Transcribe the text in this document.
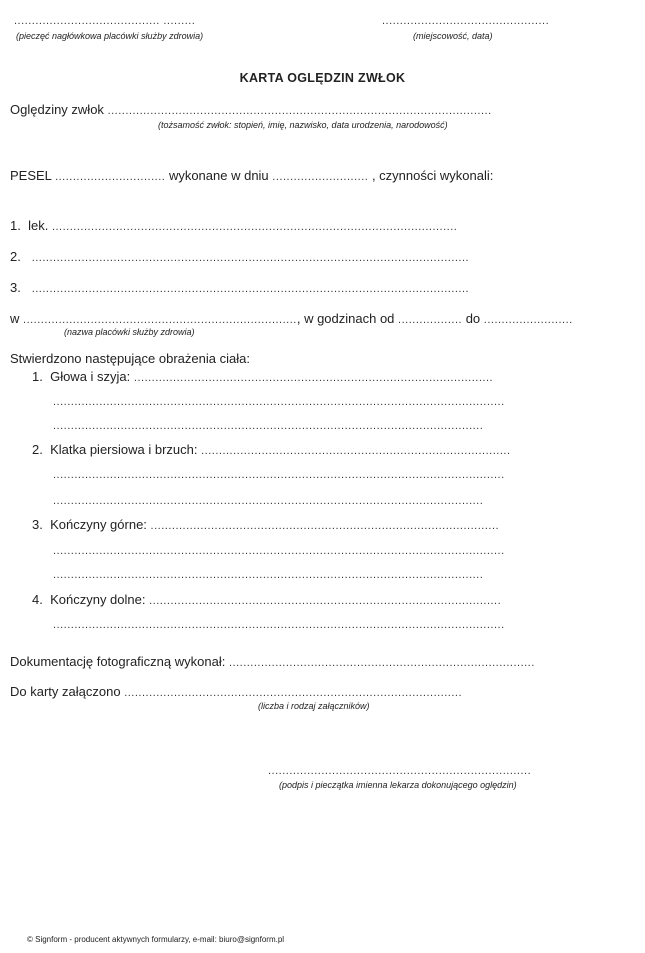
......................................... .........
(pieczęć nagłówkowa placówki służby zdrowia)
...............................................
(miejscowość, data)
KARTA OGLĘDZIN ZWŁOK
Oględziny zwłok ............................................................................................................
(tożsamość zwłok: stopień, imię, nazwisko, data urodzenia, narodowość)
PESEL ............................... wykonane w dniu ........................... , czynności wykonali:
1. lek. ..................................................................................................................
2. ...........................................................................................................................
3. ...........................................................................................................................
w ............................................................................., w godzinach od .................. do .........................
(nazwa placówki służby zdrowia)
Stwierdzono następujące obrażenia ciała:
1. Głowa i szyja: .....................................................................................................
...............................................................................................................................
.........................................................................................................................
2. Klatka piersiowa i brzuch: .......................................................................................
...............................................................................................................................
.........................................................................................................................
3. Kończyny górne: ..................................................................................................
...............................................................................................................................
.........................................................................................................................
4. Kończyny dolne: ...................................................................................................
...............................................................................................................................
Dokumentację fotograficzną wykonał: ......................................................................................
Do karty załączono ...............................................................................................
(liczba i rodzaj załączników)
..........................................................................
(podpis i pieczątka imienna lekarza dokonującego oględzin)
© Signform - producent aktywnych formularzy, e-mail: biuro@signform.pl
